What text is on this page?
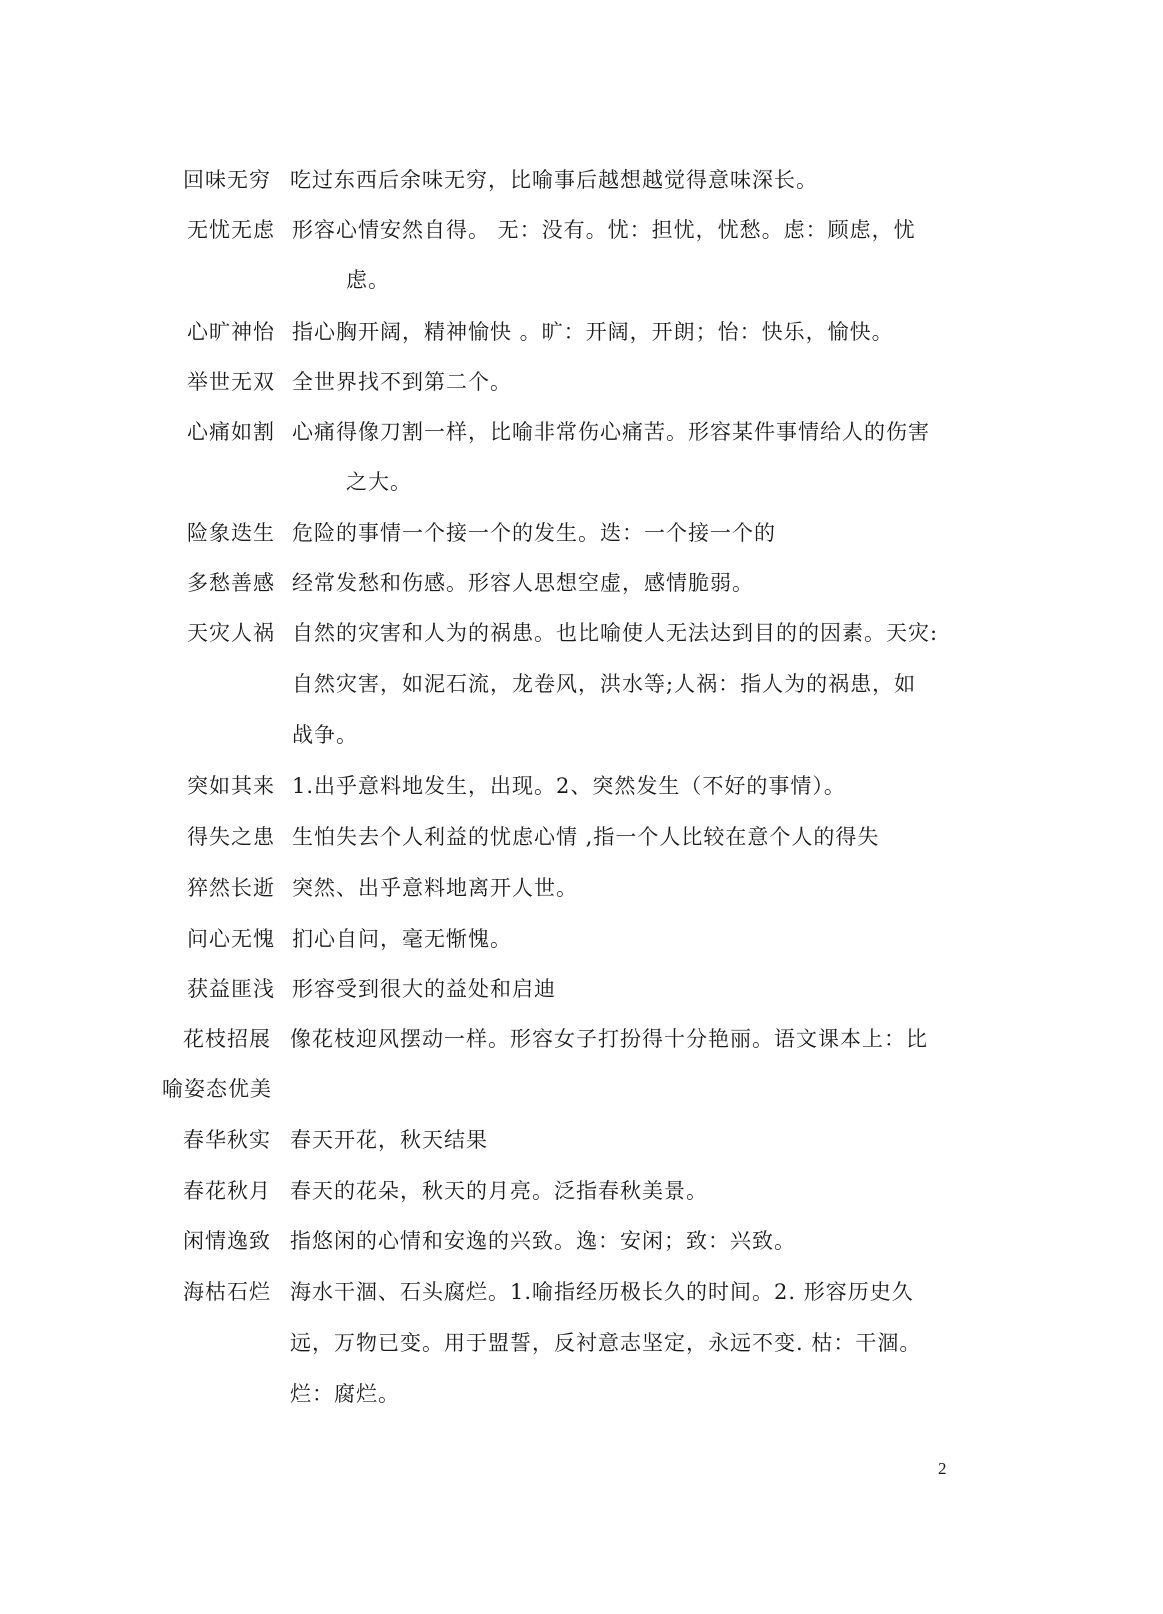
回味无穷 吃过东西后余味无穷，比喻事后越想越觉得意味深长。
无忧无虑 形容心情安然自得。 无：没有。忧：担忧，忧愁。虑：顾虑，忧
虑。
心旷神怡 指心胸开阔，精神愉快 。旷：开阔，开朗；怡：快乐，愉快。
举世无双 全世界找不到第二个。
心痛如割 心痛得像刀割一样，比喻非常伤心痛苦。形容某件事情给人的伤害
之大。
险象迭生 危险的事情一个接一个的发生。迭：一个接一个的
多愁善感 经常发愁和伤感。形容人思想空虚，感情脆弱。
天灾人祸 自然的灾害和人为的祸患。也比喻使人无法达到目的的因素。天灾:
自然灾害，如泥石流，龙卷风，洪水等;人祸：指人为的祸患，如
战争。
突如其来 1.出乎意料地发生，出现。2、突然发生（不好的事情）。
得失之患 生怕失去个人利益的忧虑心情 ,指一个人比较在意个人的得失
猝然长逝 突然、出乎意料地离开人世。
问心无愧 扪心自问，毫无惭愧。
获益匪浅 形容受到很大的益处和启迪
花枝招展 像花枝迎风摆动一样。形容女子打扮得十分艳丽。语文课本上：比
喻姿态优美
春华秋实 春天开花，秋天结果
春花秋月 春天的花朵，秋天的月亮。泛指春秋美景。
闲情逸致 指悠闲的心情和安逸的兴致。逸：安闲；致：兴致。
海枯石烂 海水干涸、石头腐烂。1.喻指经历极长久的时间。2. 形容历史久
远，万物已变。用于盟誓，反衬意志坚定，永远不变. 枯：干涸。
烂：腐烂。
2
